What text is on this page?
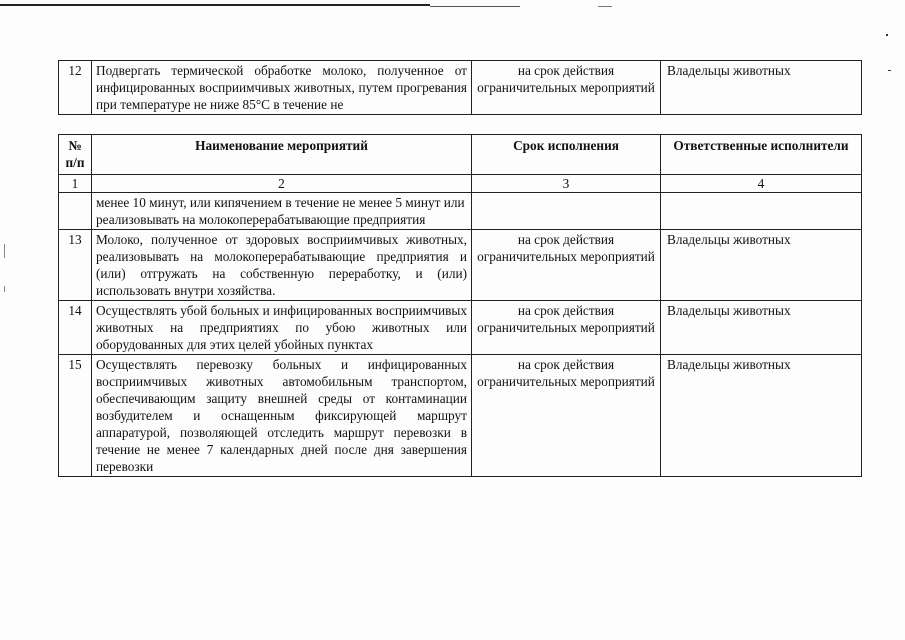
12	Подвергать термической обработке молоко, полученное от инфицированных восприимчивых животных, путем прогревания при температуре не ниже 85°С в течение не	на срок действия ограничительных мероприятий	Владельцы животных
№ п/п	Наименование мероприятий	Срок исполнения	Ответственные исполнители
1	2	3	4
	менее 10 минут, или кипячением в течение не менее 5 минут или реализовывать на молокоперерабатывающие предприятия		
13	Молоко, полученное от здоровых восприимчивых животных, реализовывать на молокоперерабатывающие предприятия и (или) отгружать на собственную переработку, и (или) использовать внутри хозяйства.	на срок действия ограничительных мероприятий	Владельцы животных
14	Осуществлять убой больных и инфицированных восприимчивых животных на предприятиях по убою животных или оборудованных для этих целей убойных пунктах	на срок действия ограничительных мероприятий	Владельцы животных
15	Осуществлять перевозку больных и инфицированных восприимчивых животных автомобильным транспортом, обеспечивающим защиту внешней среды от контаминации возбудителем и оснащенным фиксирующей маршрут аппаратурой, позволяющей отследить маршрут перевозки в течение не менее 7 календарных дней после дня завершения перевозки	на срок действия ограничительных мероприятий	Владельцы животных
